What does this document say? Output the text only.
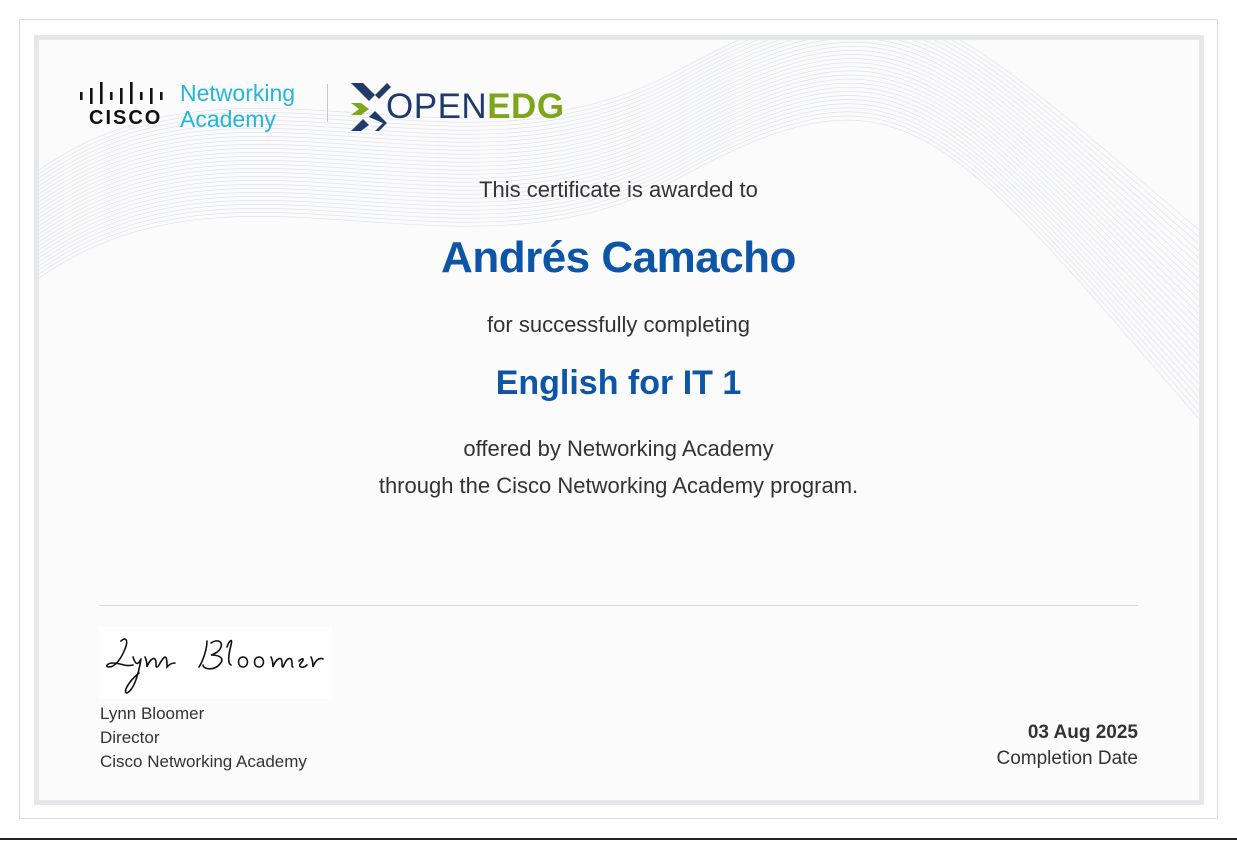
CISCO
Networking
Academy	OPENEDG
This certificate is awarded to
Andrés Camacho
for successfully completing
English for IT 1
offered by Networking Academy
through the Cisco Networking Academy program.
Lynn Bloomer
Director
Cisco Networking Academy
03 Aug 2025
Completion Date
